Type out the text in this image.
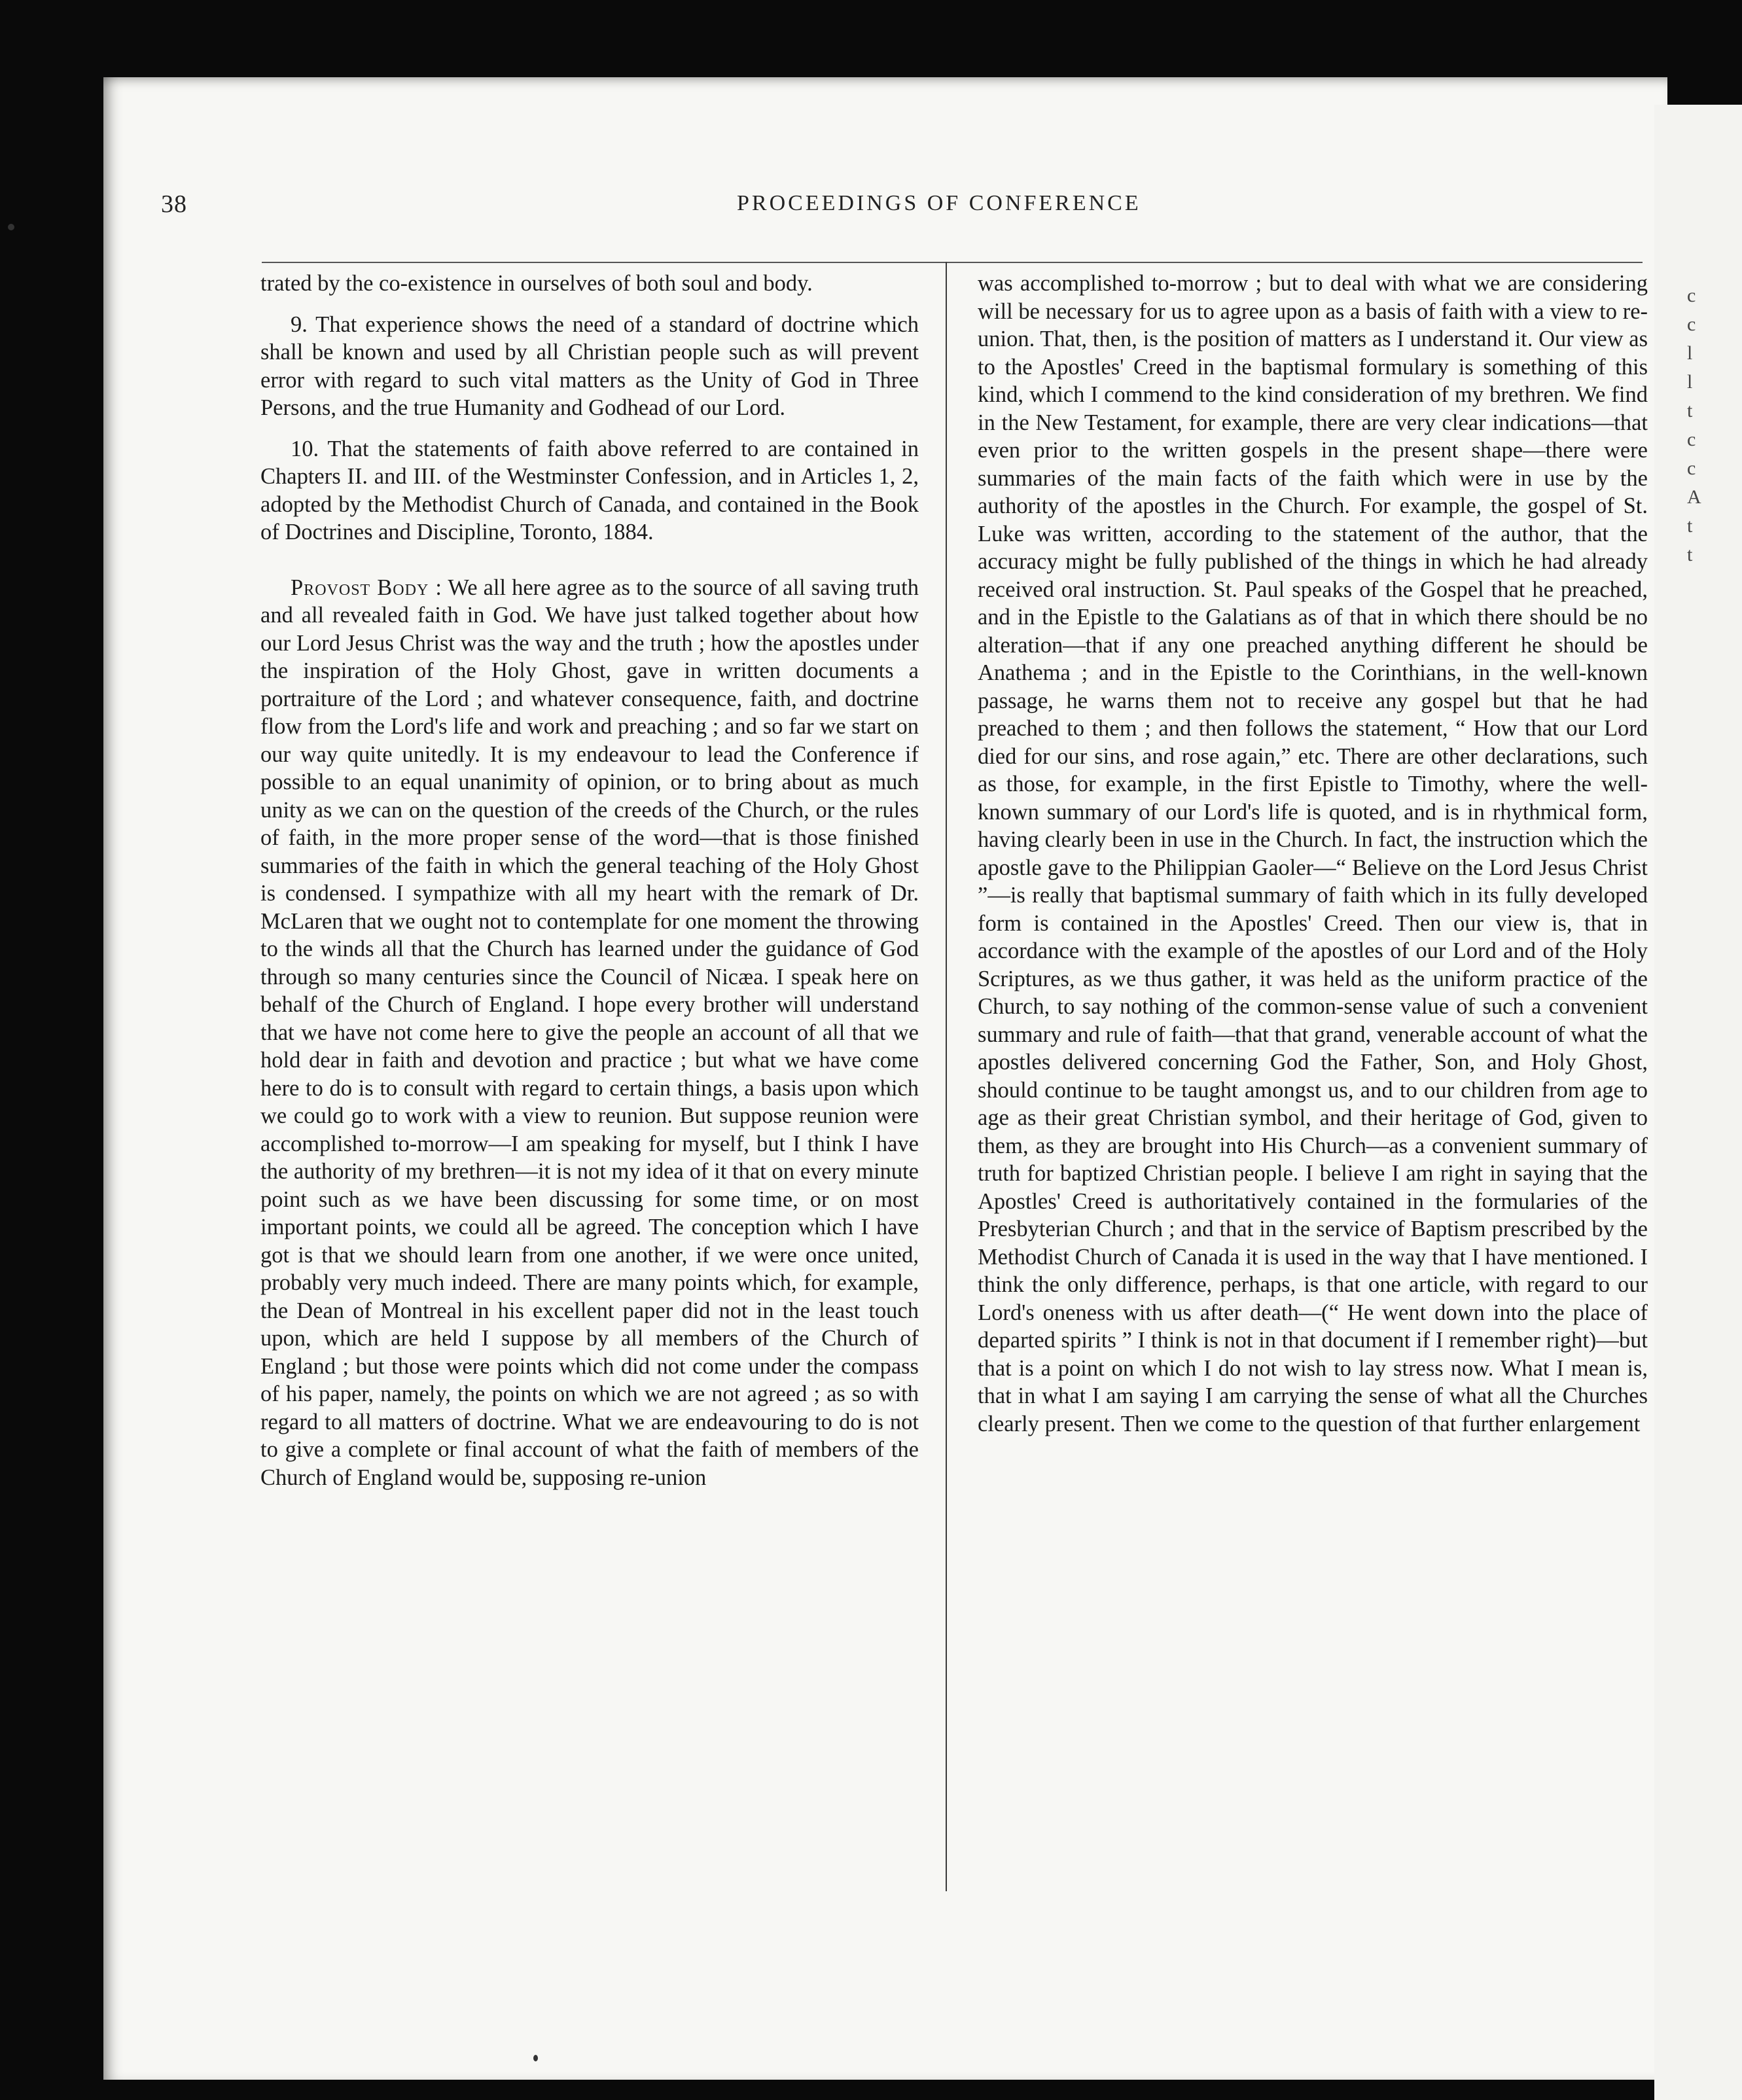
c
c
l
l
t
c
c
A
t
t
38	PROCEEDINGS OF CONFERENCE

trated by the co-existence in ourselves of both soul and body.

9. That experience shows the need of a standard of doctrine which shall be known and used by all Christian people such as will prevent error with regard to such vital matters as the Unity of God in Three Persons, and the true Humanity and Godhead of our Lord.

10. That the statements of faith above referred to are contained in Chapters II. and III. of the Westminster Confession, and in Articles 1, 2, adopted by the Methodist Church of Canada, and contained in the Book of Doctrines and Discipline, Toronto, 1884.

Provost Body : We all here agree as to the source of all saving truth and all revealed faith in God. We have just talked together about how our Lord Jesus Christ was the way and the truth ; how the apostles under the inspiration of the Holy Ghost, gave in written documents a portraiture of the Lord ; and whatever consequence, faith, and doctrine flow from the Lord's life and work and preaching ; and so far we start on our way quite unitedly. It is my endeavour to lead the Conference if possible to an equal unanimity of opinion, or to bring about as much unity as we can on the question of the creeds of the Church, or the rules of faith, in the more proper sense of the word—that is those finished summaries of the faith in which the general teaching of the Holy Ghost is condensed. I sympathize with all my heart with the remark of Dr. McLaren that we ought not to contemplate for one moment the throwing to the winds all that the Church has learned under the guidance of God through so many centuries since the Council of Nicæa. I speak here on behalf of the Church of England. I hope every brother will understand that we have not come here to give the people an account of all that we hold dear in faith and devotion and practice ; but what we have come here to do is to consult with regard to certain things, a basis upon which we could go to work with a view to reunion. But suppose reunion were accomplished to-morrow—I am speaking for myself, but I think I have the authority of my brethren—it is not my idea of it that on every minute point such as we have been discussing for some time, or on most important points, we could all be agreed. The conception which I have got is that we should learn from one another, if we were once united, probably very much indeed. There are many points which, for example, the Dean of Montreal in his excellent paper did not in the least touch upon, which are held I suppose by all members of the Church of England ; but those were points which did not come under the compass of his paper, namely, the points on which we are not agreed ; as so with regard to all matters of doctrine. What we are endeavouring to do is not to give a complete or final account of what the faith of members of the Church of England would be, supposing re-union

was accomplished to-morrow ; but to deal with what we are considering will be necessary for us to agree upon as a basis of faith with a view to re-union. That, then, is the position of matters as I understand it. Our view as to the Apostles' Creed in the baptismal formulary is something of this kind, which I commend to the kind consideration of my brethren. We find in the New Testament, for example, there are very clear indications—that even prior to the written gospels in the present shape—there were summaries of the main facts of the faith which were in use by the authority of the apostles in the Church. For example, the gospel of St. Luke was written, according to the statement of the author, that the accuracy might be fully published of the things in which he had already received oral instruction. St. Paul speaks of the Gospel that he preached, and in the Epistle to the Galatians as of that in which there should be no alteration—that if any one preached anything different he should be Anathema ; and in the Epistle to the Corinthians, in the well-known passage, he warns them not to receive any gospel but that he had preached to them ; and then follows the statement, “ How that our Lord died for our sins, and rose again,” etc. There are other declarations, such as those, for example, in the first Epistle to Timothy, where the well-known summary of our Lord's life is quoted, and is in rhythmical form, having clearly been in use in the Church. In fact, the instruction which the apostle gave to the Philippian Gaoler—“ Believe on the Lord Jesus Christ ”—is really that baptismal summary of faith which in its fully developed form is contained in the Apostles' Creed. Then our view is, that in accordance with the example of the apostles of our Lord and of the Holy Scriptures, as we thus gather, it was held as the uniform practice of the Church, to say nothing of the common-sense value of such a convenient summary and rule of faith—that that grand, venerable account of what the apostles delivered concerning God the Father, Son, and Holy Ghost, should continue to be taught amongst us, and to our children from age to age as their great Christian symbol, and their heritage of God, given to them, as they are brought into His Church—as a convenient summary of truth for baptized Christian people. I believe I am right in saying that the Apostles' Creed is authoritatively contained in the formularies of the Presbyterian Church ; and that in the service of Baptism prescribed by the Methodist Church of Canada it is used in the way that I have mentioned. I think the only difference, perhaps, is that one article, with regard to our Lord's oneness with us after death—(“ He went down into the place of departed spirits ” I think is not in that document if I remember right)—but that is a point on which I do not wish to lay stress now. What I mean is, that in what I am saying I am carrying the sense of what all the Churches clearly present. Then we come to the question of that further enlargement
